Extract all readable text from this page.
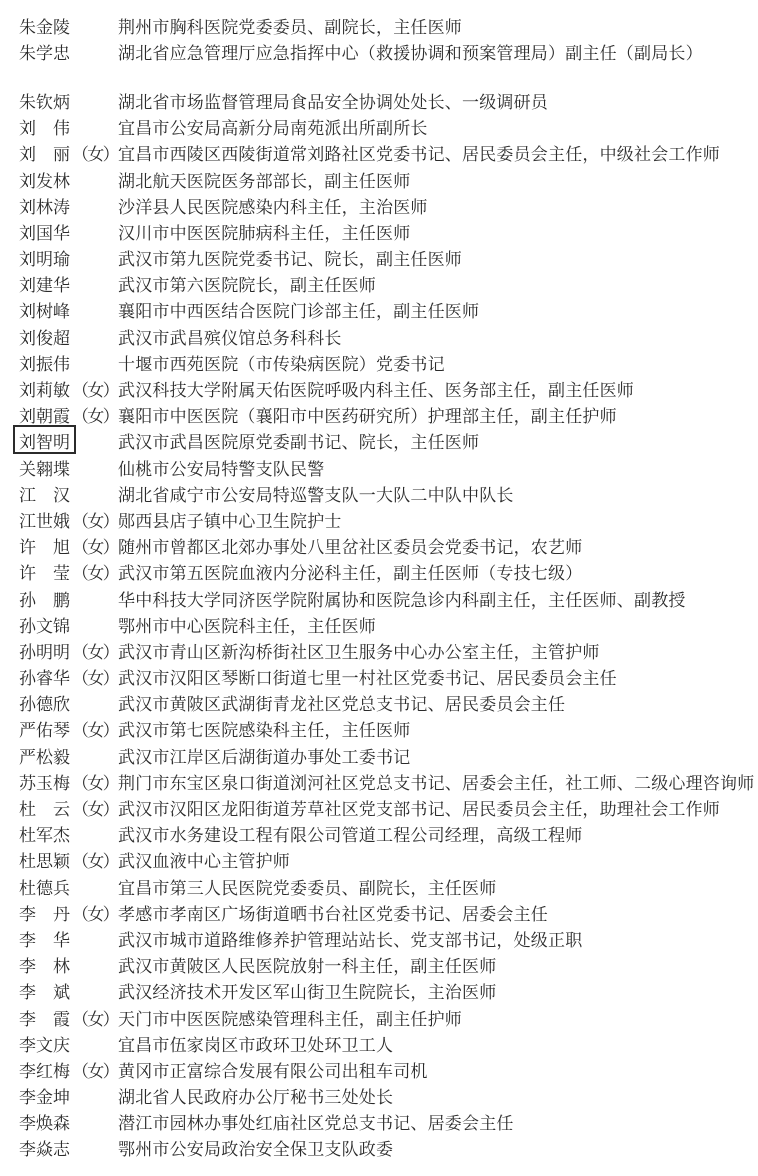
朱金陵	荆州市胸科医院党委委员、副院长，主任医师
朱学忠	湖北省应急管理厅应急指挥中心（救援协调和预案管理局）副主任（副局长）
朱钦炳	湖北省市场监督管理局食品安全协调处处长、一级调研员
刘　伟	宜昌市公安局高新分局南苑派出所副所长
刘　丽 （女） 宜昌市西陵区西陵街道常刘路社区党委书记、居民委员会主任，中级社会工作师
刘发林	湖北航天医院医务部部长，副主任医师
刘林涛	沙洋县人民医院感染内科主任，主治医师
刘国华	汉川市中医医院肺病科主任，主任医师
刘明瑜	武汉市第九医院党委书记、院长，副主任医师
刘建华	武汉市第六医院院长，副主任医师
刘树峰	襄阳市中西医结合医院门诊部主任，副主任医师
刘俊超	武汉市武昌殡仪馆总务科科长
刘振伟	十堰市西苑医院（市传染病医院）党委书记
刘莉敏 （女） 武汉科技大学附属天佑医院呼吸内科主任、医务部主任，副主任医师
刘朝霞 （女） 襄阳市中医医院（襄阳市中医药研究所）护理部主任，副主任护师
刘智明	武汉市武昌医院原党委副书记、院长，主任医师
关翱堞	仙桃市公安局特警支队民警
江　汉	湖北省咸宁市公安局特巡警支队一大队二中队中队长
江世娥 （女） 郧西县店子镇中心卫生院护士
许　旭 （女） 随州市曾都区北郊办事处八里岔社区委员会党委书记，农艺师
许　莹 （女） 武汉市第五医院血液内分泌科主任，副主任医师（专技七级）
孙　鹏	华中科技大学同济医学院附属协和医院急诊内科副主任，主任医师、副教授
孙文锦	鄂州市中心医院科主任，主任医师
孙明明 （女） 武汉市青山区新沟桥街社区卫生服务中心办公室主任，主管护师
孙睿华 （女） 武汉市汉阳区琴断口街道七里一村社区党委书记、居民委员会主任
孙德欣	武汉市黄陂区武湖街青龙社区党总支书记、居民委员会主任
严佑琴 （女） 武汉市第七医院感染科主任，主任医师
严松毅	武汉市江岸区后湖街道办事处工委书记
苏玉梅 （女） 荆门市东宝区泉口街道浏河社区党总支书记、居委会主任，社工师、二级心理咨询师
杜　云 （女） 武汉市汉阳区龙阳街道芳草社区党支部书记、居民委员会主任，助理社会工作师
杜军杰	武汉市水务建设工程有限公司管道工程公司经理，高级工程师
杜思颖 （女） 武汉血液中心主管护师
杜德兵	宜昌市第三人民医院党委委员、副院长，主任医师
李　丹 （女） 孝感市孝南区广场街道晒书台社区党委书记、居委会主任
李　华	武汉市城市道路维修养护管理站站长、党支部书记，处级正职
李　林	武汉市黄陂区人民医院放射一科主任，副主任医师
李　斌	武汉经济技术开发区军山街卫生院院长，主治医师
李　霞 （女） 天门市中医医院感染管理科主任，副主任护师
李文庆	宜昌市伍家岗区市政环卫处环卫工人
李红梅 （女） 黄冈市正富综合发展有限公司出租车司机
李金坤	湖北省人民政府办公厅秘书三处处长
李焕森	潜江市园林办事处红庙社区党总支书记、居委会主任
李焱志	鄂州市公安局政治安全保卫支队政委
